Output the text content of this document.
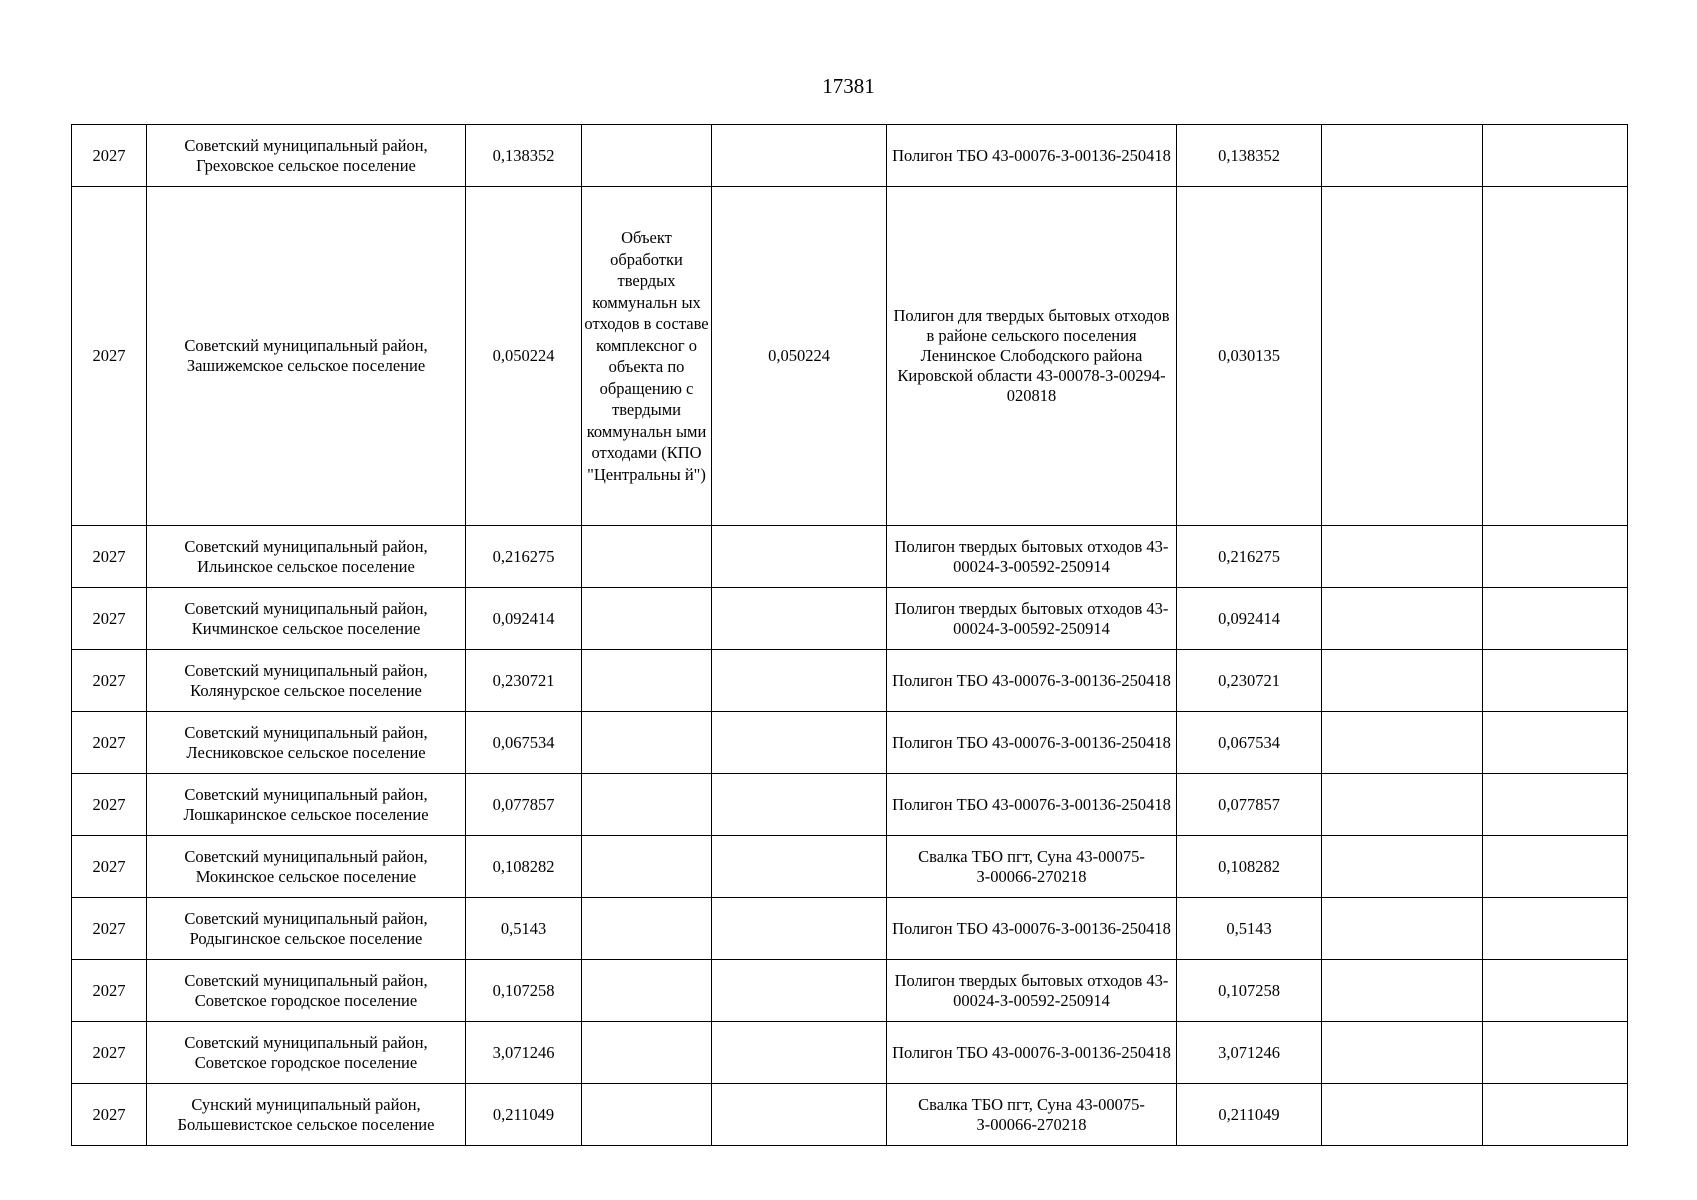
17381
2027	Советский муниципальный район, Греховское сельское поселение	0,138352			Полигон ТБО 43-00076-З-00136-250418	0,138352		
2027	Советский муниципальный район, Зашижемское сельское поселение	0,050224	Объект обработки твердых коммунальн ых отходов в составе комплексног о объекта по обращению с твердыми коммунальн ыми отходами (КПО "Центральны й")	0,050224	Полигон для твердых бытовых отходов в районе сельского поселения Ленинское Слободского района Кировской области 43-00078-З-00294-020818	0,030135		
2027	Советский муниципальный район, Ильинское сельское поселение	0,216275			Полигон твердых бытовых отходов 43-00024-З-00592-250914	0,216275		
2027	Советский муниципальный район, Кичминское сельское поселение	0,092414			Полигон твердых бытовых отходов 43-00024-З-00592-250914	0,092414		
2027	Советский муниципальный район, Колянурское сельское поселение	0,230721			Полигон ТБО 43-00076-З-00136-250418	0,230721		
2027	Советский муниципальный район, Лесниковское сельское поселение	0,067534			Полигон ТБО 43-00076-З-00136-250418	0,067534		
2027	Советский муниципальный район, Лошкаринское сельское поселение	0,077857			Полигон ТБО 43-00076-З-00136-250418	0,077857		
2027	Советский муниципальный район, Мокинское сельское поселение	0,108282			Свалка ТБО пгт, Суна 43-00075-З-00066-270218	0,108282		
2027	Советский муниципальный район, Родыгинское сельское поселение	0,5143			Полигон ТБО 43-00076-З-00136-250418	0,5143		
2027	Советский муниципальный район, Советское городское поселение	0,107258			Полигон твердых бытовых отходов 43-00024-З-00592-250914	0,107258		
2027	Советский муниципальный район, Советское городское поселение	3,071246			Полигон ТБО 43-00076-З-00136-250418	3,071246		
2027	Сунский муниципальный район, Большевистское сельское поселение	0,211049			Свалка ТБО пгт, Суна 43-00075-З-00066-270218	0,211049		
